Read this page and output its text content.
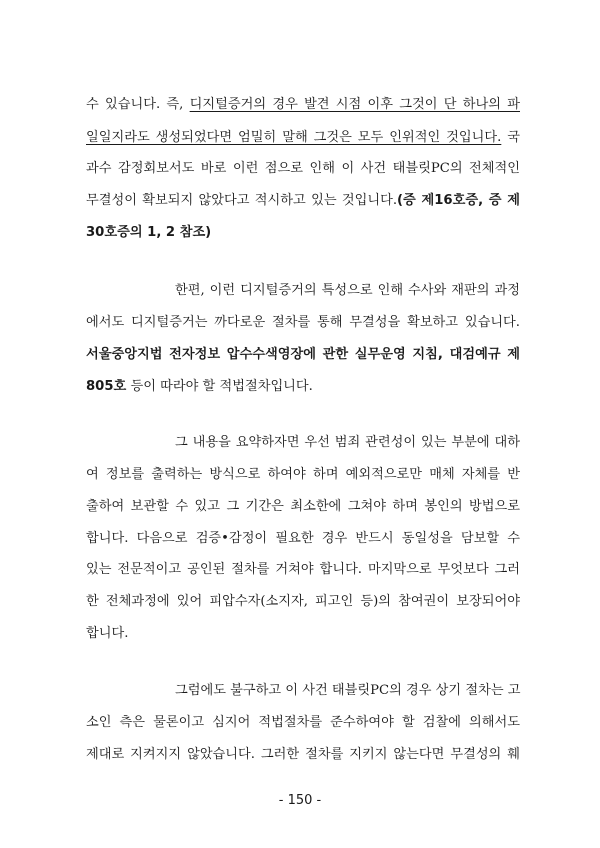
수 있습니다. 즉, 디지털증거의 경우 발견 시점 이후 그것이 단 하나의 파
일일지라도 생성되었다면 엄밀히 말해 그것은 모두 인위적인 것입니다. 국
과수 감정회보서도 바로 이런 점으로 인해 이 사건 태블릿PC의 전체적인
무결성이 확보되지 않았다고 적시하고 있는 것입니다.(증 제16호증, 증 제
30호증의 1, 2 참조)
한편, 이런 디지털증거의 특성으로 인해 수사와 재판의 과정
에서도 디지털증거는 까다로운 절차를 통해 무결성을 확보하고 있습니다.
서울중앙지법 전자정보 압수수색영장에 관한 실무운영 지침, 대검예규 제
805호 등이 따라야 할 적법절차입니다.
그 내용을 요약하자면 우선 범죄 관련성이 있는 부분에 대하
여 정보를 출력하는 방식으로 하여야 하며 예외적으로만 매체 자체를 반
출하여 보관할 수 있고 그 기간은 최소한에 그쳐야 하며 봉인의 방법으로
합니다. 다음으로 검증•감정이 필요한 경우 반드시 동일성을 담보할 수
있는 전문적이고 공인된 절차를 거쳐야 합니다. 마지막으로 무엇보다 그러
한 전체과정에 있어 피압수자(소지자, 피고인 등)의 참여권이 보장되어야
합니다.
그럼에도 불구하고 이 사건 태블릿PC의 경우 상기 절차는 고
소인 측은 물론이고 심지어 적법절차를 준수하여야 할 검찰에 의해서도
제대로 지켜지지 않았습니다. 그러한 절차를 지키지 않는다면 무결성의 훼
- 150 -
